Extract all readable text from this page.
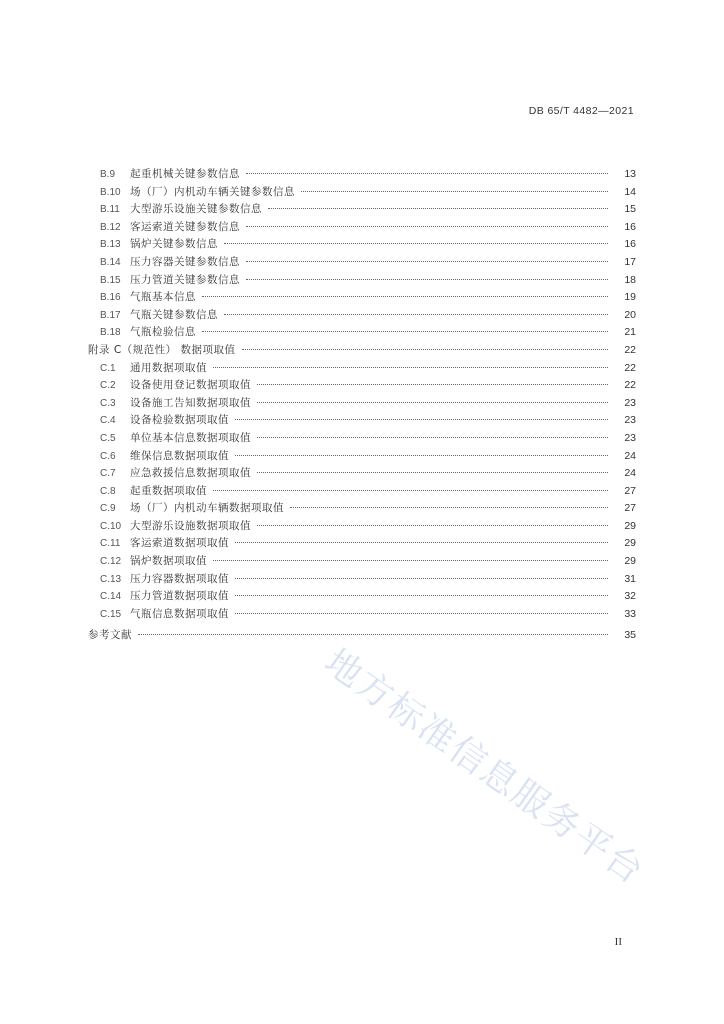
DB 65/T 4482—2021
B.9	起重机械关键参数信息	13
B.10 场（厂）内机动车辆关键参数信息	14
B.11 大型游乐设施关键参数信息	15
B.12 客运索道关键参数信息	16
B.13 锅炉关键参数信息	16
B.14 压力容器关键参数信息	17
B.15 压力管道关键参数信息	18
B.16 气瓶基本信息	19
B.17 气瓶关键参数信息	20
B.18 气瓶检验信息	21
附录 C（规范性） 数据项取值	22
C.1	通用数据项取值	22
C.2	设备使用登记数据项取值	22
C.3	设备施工告知数据项取值	23
C.4	设备检验数据项取值	23
C.5	单位基本信息数据项取值	23
C.6	维保信息数据项取值	24
C.7	应急救援信息数据项取值	24
C.8	起重数据项取值	27
C.9	场（厂）内机动车辆数据项取值	27
C.10 大型游乐设施数据项取值	29
C.11 客运索道数据项取值	29
C.12 锅炉数据项取值	29
C.13 压力容器数据项取值	31
C.14 压力管道数据项取值	32
C.15 气瓶信息数据项取值	33
参考文献	35
地方标准信息服务平台
II
